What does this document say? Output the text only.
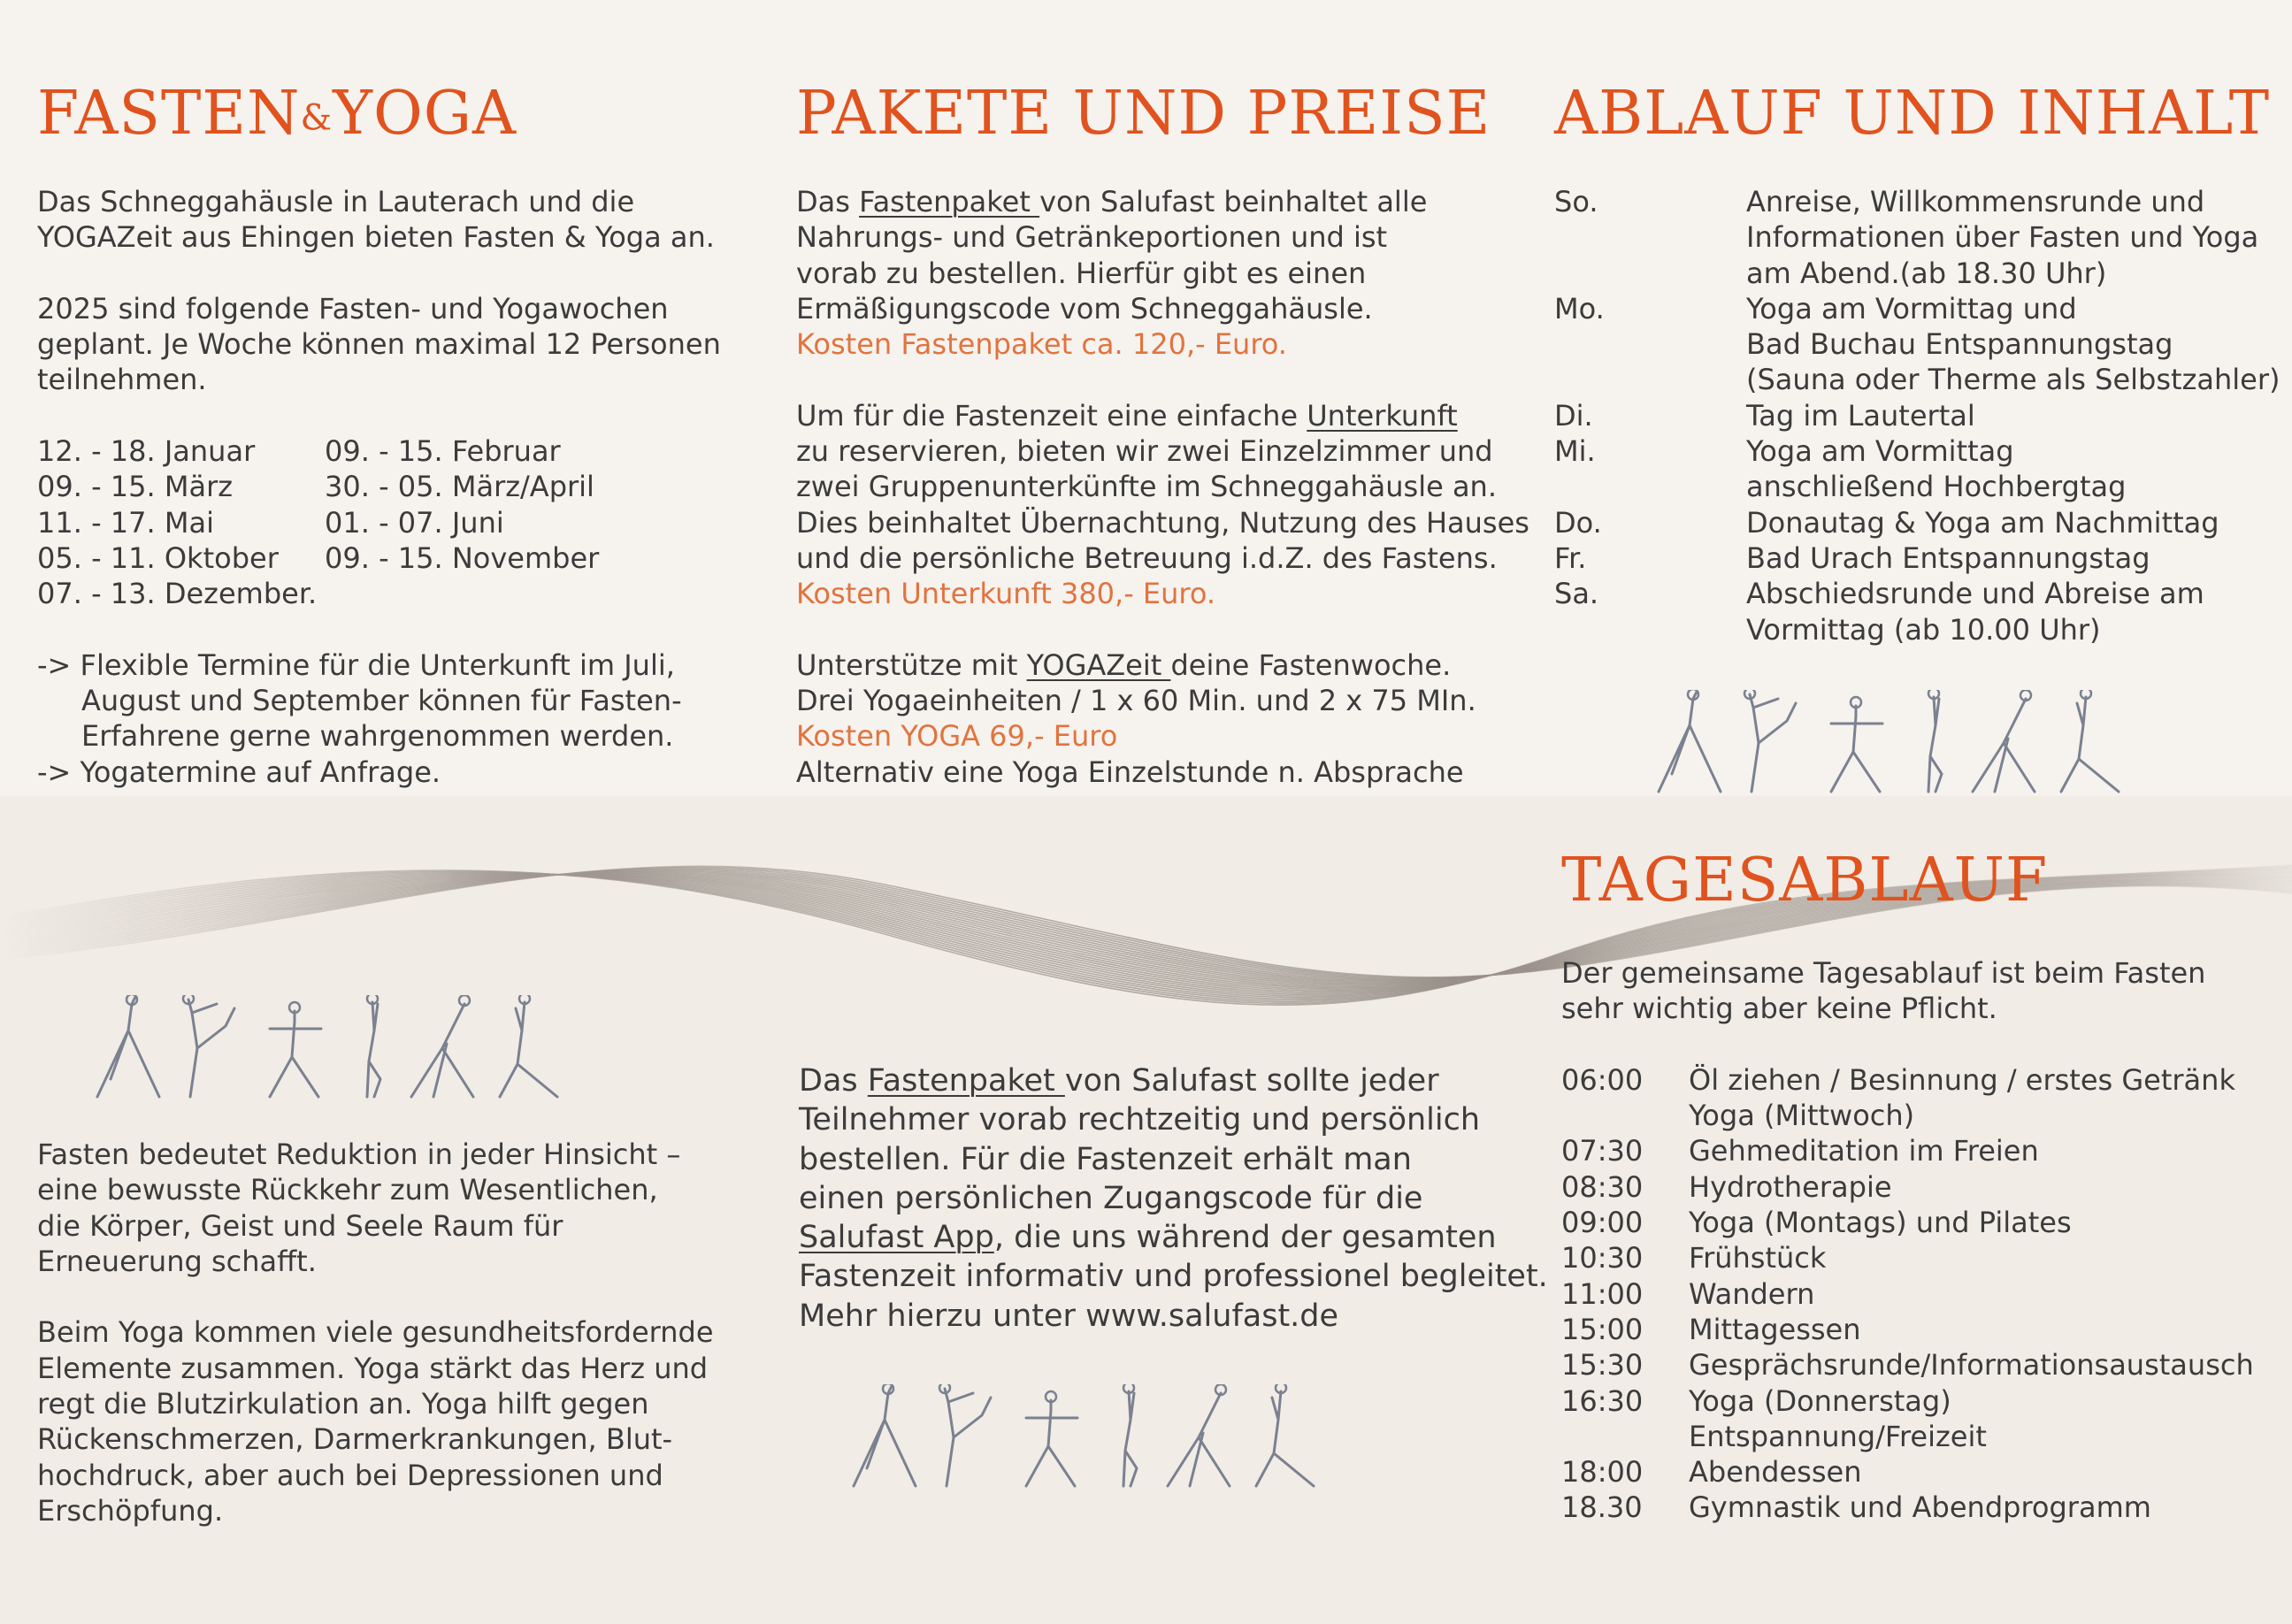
FASTEN&YOGA

Das Schneggahäusle in Lauterach und die

YOGAZeit aus Ehingen bieten Fasten & Yoga an.

2025 sind folgende Fasten- und Yogawochen

geplant. Je Woche können maximal 12 Personen

teilnehmen.

12. - 18. Januar	09. - 15. Februar
09. - 15. März	30. - 05. März/April
11. - 17. Mai	01. - 07. Juni
05. - 11. Oktober	09. - 15. November
07. - 13. Dezember.

-> Flexible Termine für die Unterkunft im Juli,

August und September können für Fasten-

Erfahrene gerne wahrgenommen werden.

-> Yogatermine auf Anfrage.

Fasten bedeutet Reduktion in jeder Hinsicht –

eine bewusste Rückkehr zum Wesentlichen,

die Körper, Geist und Seele Raum für

Erneuerung schafft.

Beim Yoga kommen viele gesundheitsfordernde

Elemente zusammen. Yoga stärkt das Herz und

regt die Blutzirkulation an. Yoga hilft gegen

Rückenschmerzen, Darmerkrankungen, Blut-

hochdruck, aber auch bei Depressionen und

Erschöpfung.

PAKETE UND PREISE

Das Fastenpaket von Salufast beinhaltet alle

Nahrungs- und Getränkeportionen und ist

vorab zu bestellen. Hierfür gibt es einen

Ermäßigungscode vom Schneggahäusle.

Kosten Fastenpaket ca. 120,- Euro.

Um für die Fastenzeit eine einfache Unterkunft

zu reservieren, bieten wir zwei Einzelzimmer und

zwei Gruppenunterkünfte im Schneggahäusle an.

Dies beinhaltet Übernachtung, Nutzung des Hauses

und die persönliche Betreuung i.d.Z. des Fastens.

Kosten Unterkunft 380,- Euro.

Unterstütze mit YOGAZeit deine Fastenwoche.

Drei Yogaeinheiten / 1 x 60 Min. und 2 x 75 MIn.

Kosten YOGA 69,- Euro

Alternativ eine Yoga Einzelstunde n. Absprache

Das Fastenpaket von Salufast sollte jeder

Teilnehmer vorab rechtzeitig und persönlich

bestellen. Für die Fastenzeit erhält man

einen persönlichen Zugangscode für die

Salufast App, die uns während der gesamten

Fastenzeit informativ und professionel begleitet.

Mehr hierzu unter www.salufast.de

ABLAUF UND INHALT
So.	Anreise, Willkommensrunde und
Informationen über Fasten und Yoga
am Abend.(ab 18.30 Uhr)
Mo.	Yoga am Vormittag und
Bad Buchau Entspannungstag
(Sauna oder Therme als Selbstzahler)
Di.	Tag im Lautertal
Mi.	Yoga am Vormittag
anschließend Hochbergtag
Do.	Donautag & Yoga am Nachmittag
Fr.	Bad Urach Entspannungstag
Sa.	Abschiedsrunde und Abreise am
Vormittag (ab 10.00 Uhr)
TAGESABLAUF

Der gemeinsame Tagesablauf ist beim Fasten

sehr wichtig aber keine Pflicht.

06:00	Öl ziehen / Besinnung / erstes Getränk
Yoga (Mittwoch)
07:30	Gehmeditation im Freien
08:30	Hydrotherapie
09:00	Yoga (Montags) und Pilates
10:30	Frühstück
11:00	Wandern
15:00	Mittagessen
15:30	Gesprächsrunde/Informationsaustausch
16:30	Yoga (Donnerstag)
Entspannung/Freizeit
18:00	Abendessen
18.30	Gymnastik und Abendprogramm
